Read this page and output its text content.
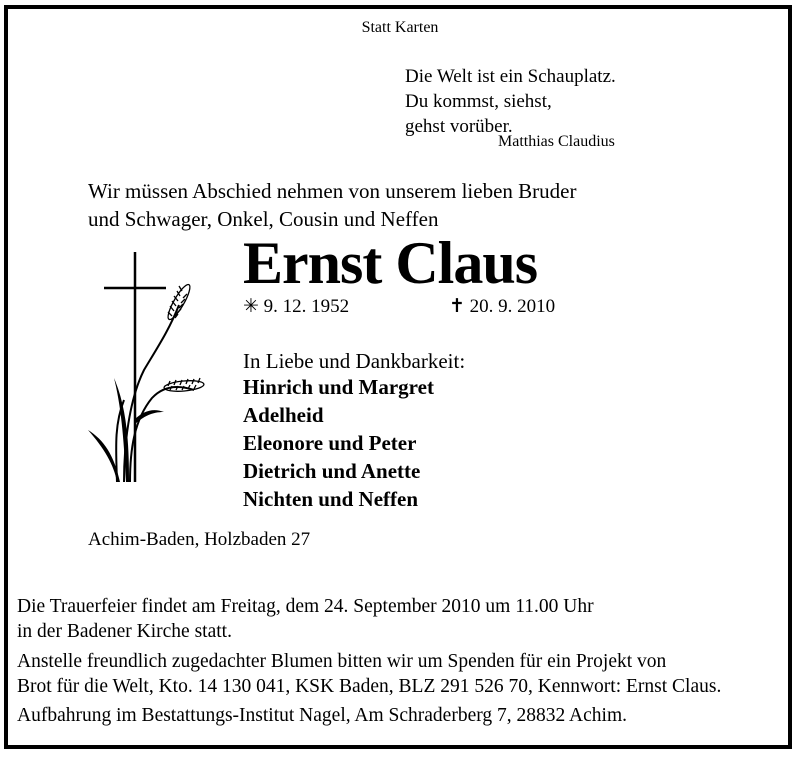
Statt Karten
Die Welt ist ein Schauplatz.
Du kommst, siehst,
gehst vorüber.
Matthias Claudius
Wir müssen Abschied nehmen von unserem lieben Bruder
und Schwager, Onkel, Cousin und Neffen
Ernst Claus
✳ 9. 12. 1952	✝ 20. 9. 2010
In Liebe und Dankbarkeit:
Hinrich und Margret
Adelheid
Eleonore und Peter
Dietrich und Anette
Nichten und Neffen
Achim-Baden, Holzbaden 27
Die Trauerfeier findet am Freitag, dem 24. September 2010 um 11.00 Uhr
in der Badener Kirche statt.
Anstelle freundlich zugedachter Blumen bitten wir um Spenden für ein Projekt von
Brot für die Welt, Kto. 14 130 041, KSK Baden, BLZ 291 526 70, Kennwort: Ernst Claus.
Aufbahrung im Bestattungs-Institut Nagel, Am Schraderberg 7, 28832 Achim.
